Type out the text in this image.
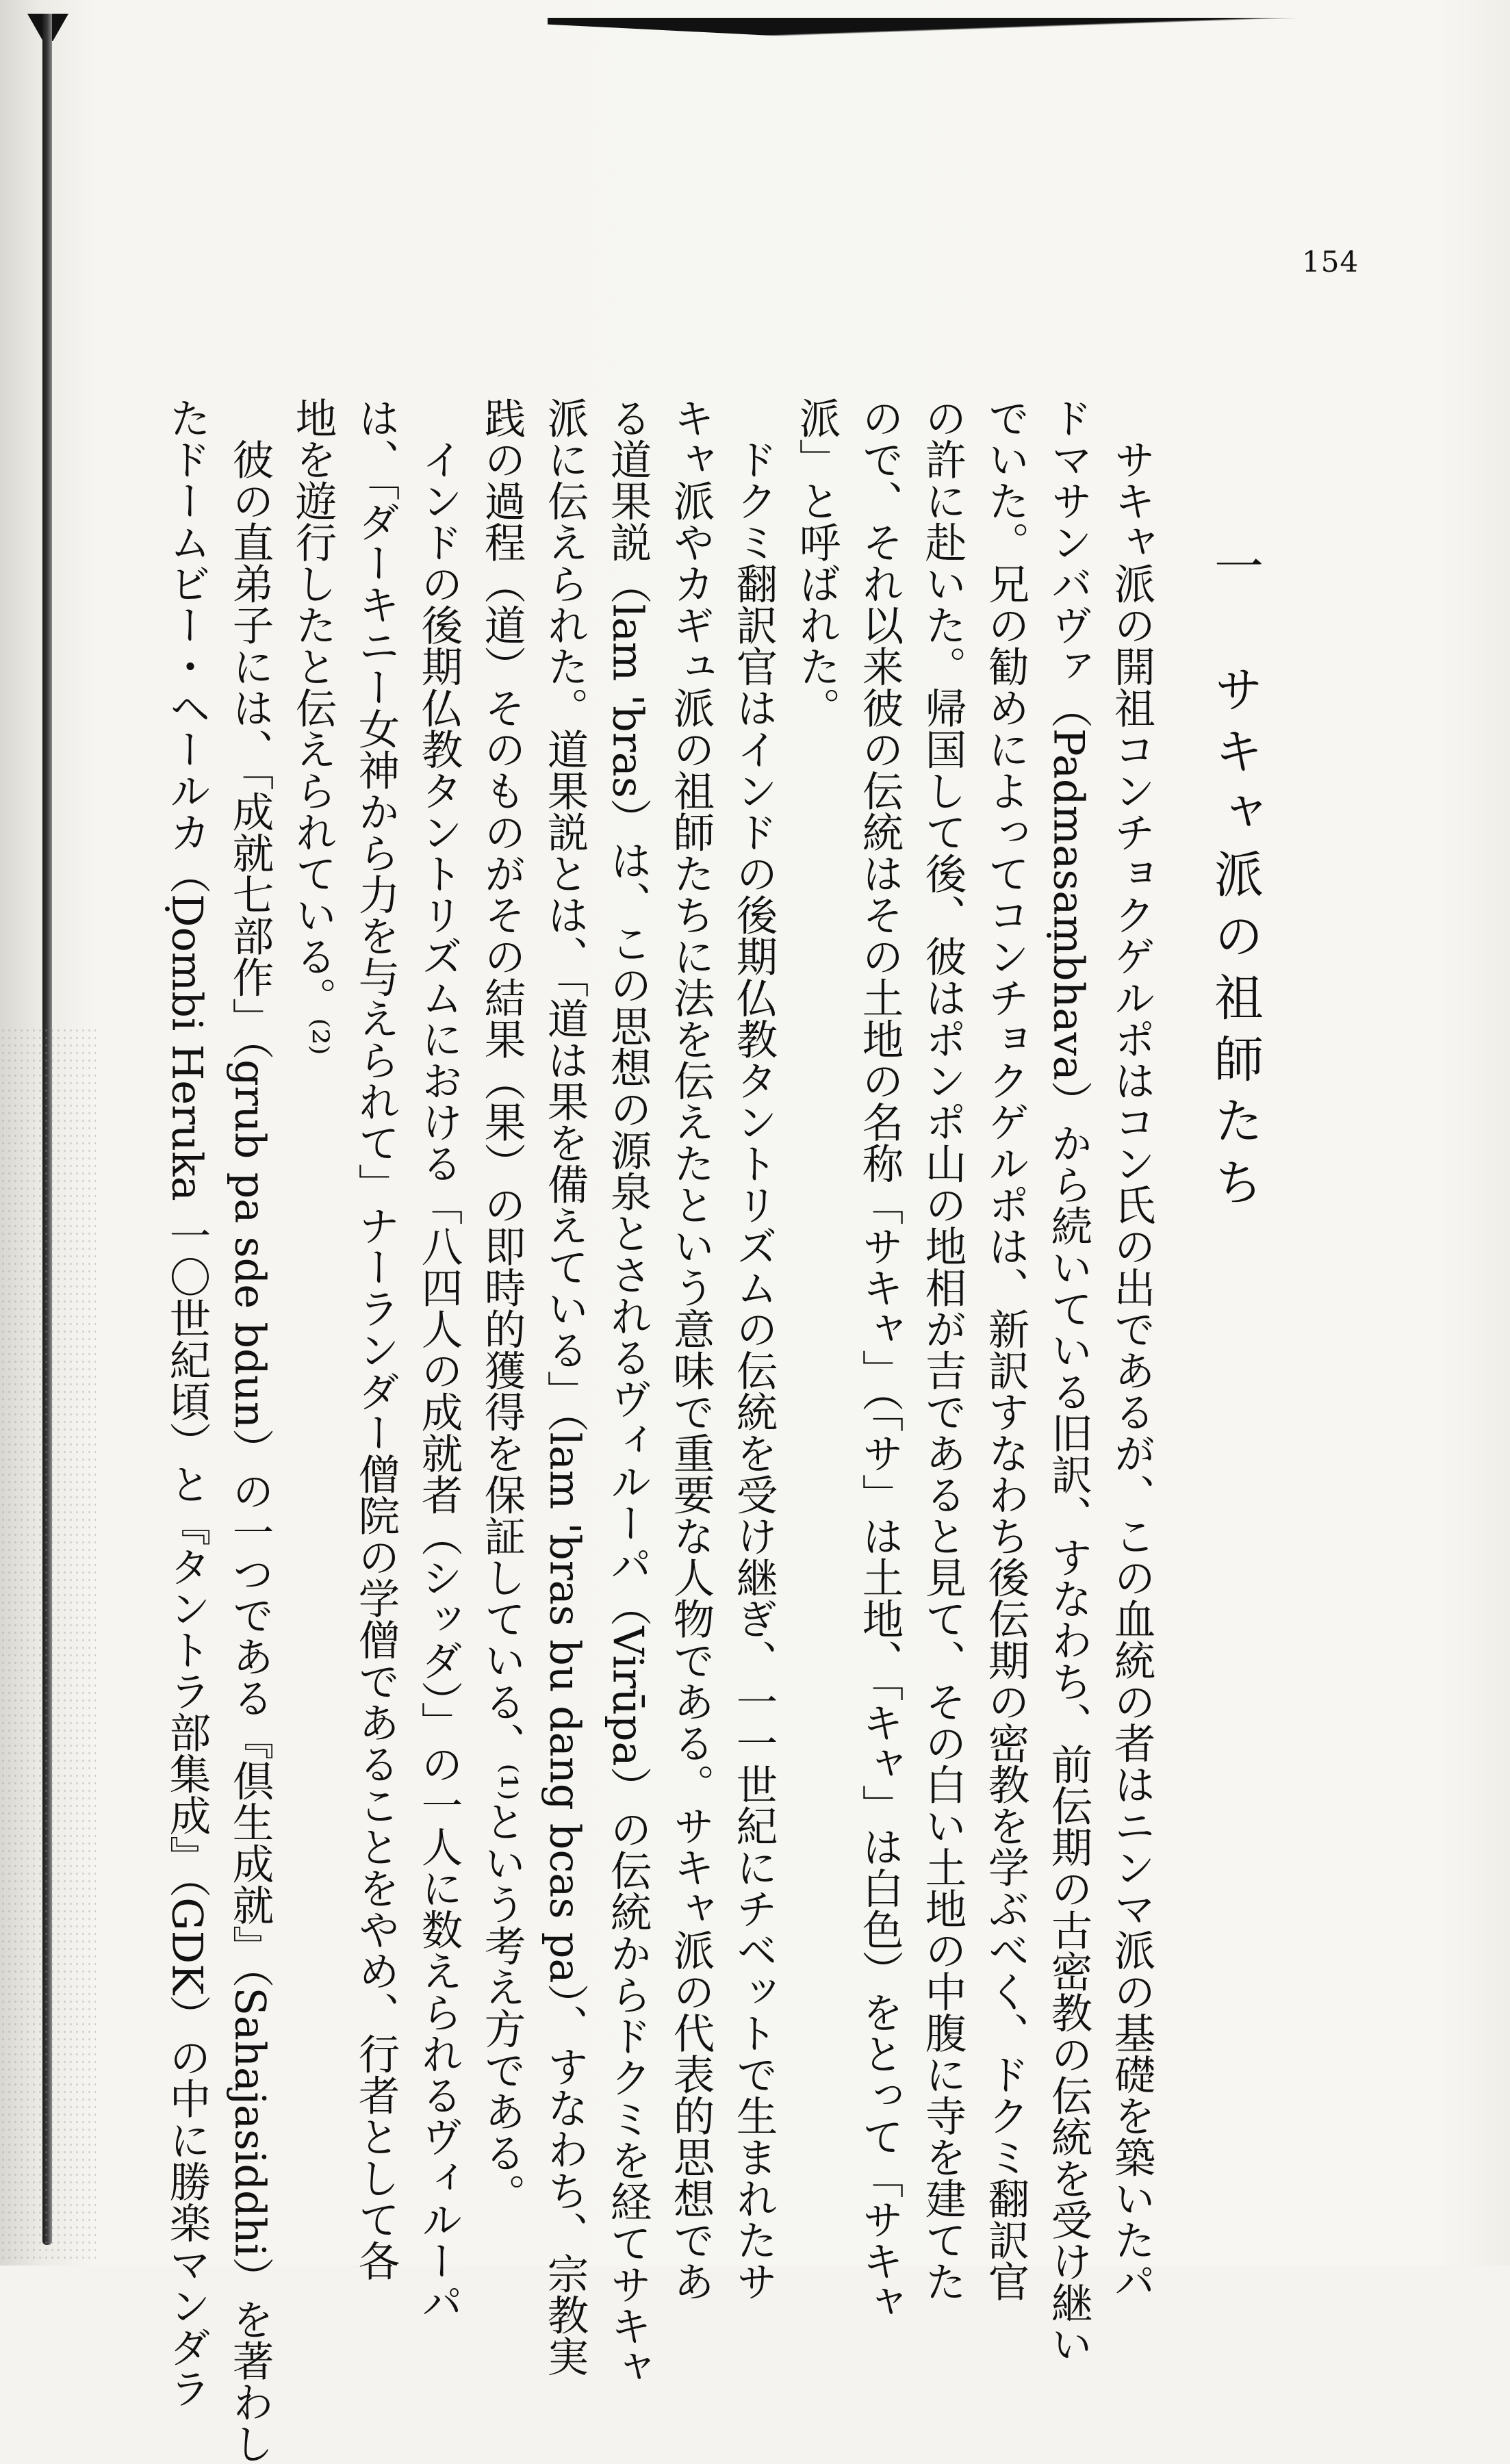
154
一　サキャ派の祖師たち
　サキャ派の開祖コンチョクゲルポはコン氏の出であるが、この血統の者はニンマ派の基礎を築いたパ
ドマサンバヴァ（Padmasaṃbhava）から続いている旧訳、すなわち、前伝期の古密教の伝統を受け継い
でいた。兄の勧めによってコンチョクゲルポは、新訳すなわち後伝期の密教を学ぶべく、ドクミ翻訳官
の許に赴いた。帰国して後、彼はポンポ山の地相が吉であると見て、その白い土地の中腹に寺を建てた
ので、それ以来彼の伝統はその土地の名称「サキャ」（「サ」は土地、「キャ」は白色）をとって「サキャ
派」と呼ばれた。
　ドクミ翻訳官はインドの後期仏教タントリズムの伝統を受け継ぎ、一一世紀にチベットで生まれたサ
キャ派やカギュ派の祖師たちに法を伝えたという意味で重要な人物である。サキャ派の代表的思想であ
る道果説（lam 'bras）は、この思想の源泉とされるヴィルーパ（Virūpa）の伝統からドクミを経てサキャ
派に伝えられた。道果説とは、「道は果を備えている」（lam 'bras bu dang bcas pa）、すなわち、宗教実
践の過程（道）そのものがその結果（果）の即時的獲得を保証している、⁽¹⁾という考え方である。
　インドの後期仏教タントリズムにおける「八四人の成就者（シッダ）」の一人に数えられるヴィルーパ
は、「ダーキニー女神から力を与えられて」ナーランダー僧院の学僧であることをやめ、行者として各
地を遊行したと伝えられている。⁽²⁾
　彼の直弟子には、「成就七部作」（grub pa sde bdun）の一つである『倶生成就』（Sahajasiddhi）を著わし
たドームビー・ヘールカ（Ḍombi Heruka 一〇世紀頃）と『タントラ部集成』（GDK）の中に勝楽マンダラ
